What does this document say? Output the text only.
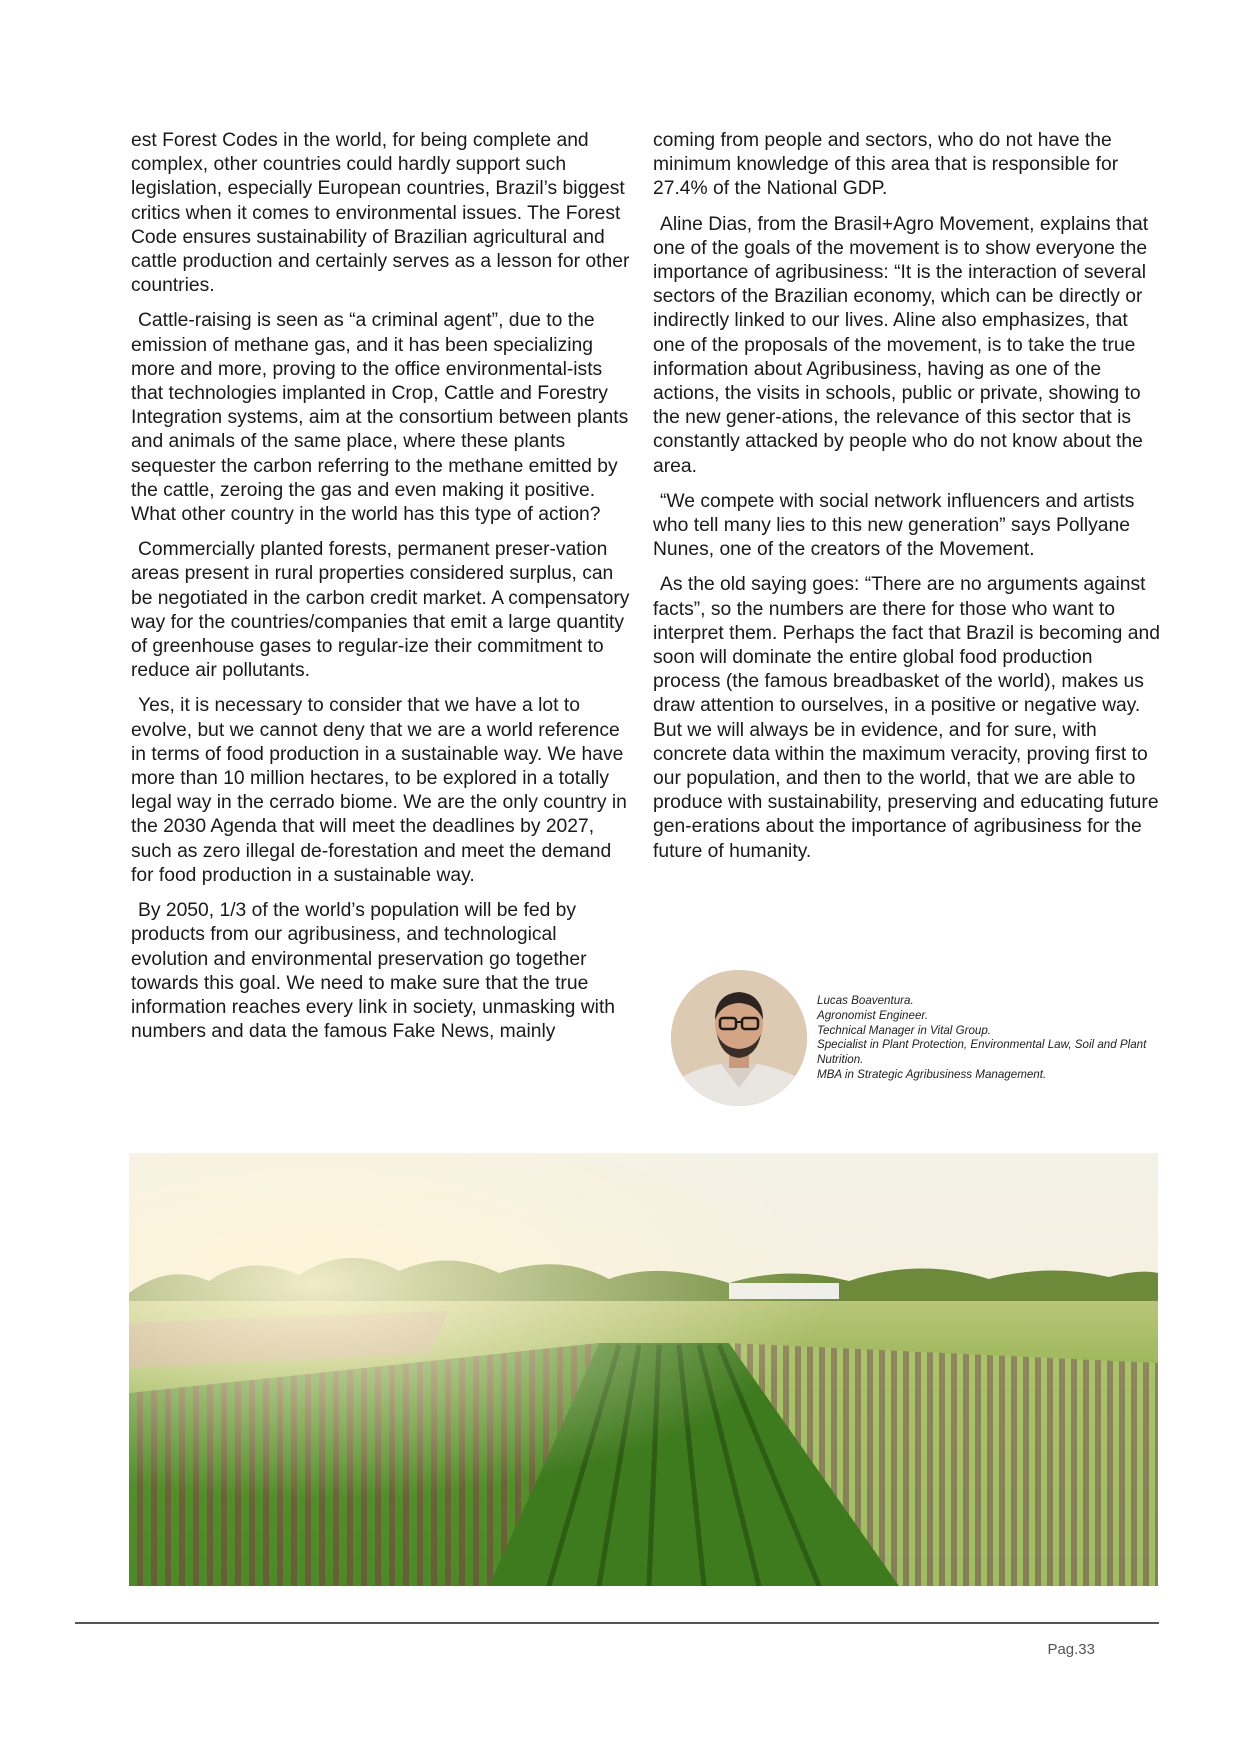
est Forest Codes in the world, for being complete and complex, other countries could hardly support such legislation, especially European countries, Brazil’s biggest critics when it comes to environmental issues. The Forest Code ensures sustainability of Brazilian agricultural and cattle production and certainly serves as a lesson for other countries.

Cattle-raising is seen as “a criminal agent”, due to the emission of methane gas, and it has been specializing more and more, proving to the office environmental-ists that technologies implanted in Crop, Cattle and Forestry Integration systems, aim at the consortium between plants and animals of the same place, where these plants sequester the carbon referring to the methane emitted by the cattle, zeroing the gas and even making it positive. What other country in the world has this type of action?

Commercially planted forests, permanent preser-vation areas present in rural properties considered surplus, can be negotiated in the carbon credit market. A compensatory way for the countries/companies that emit a large quantity of greenhouse gases to regular-ize their commitment to reduce air pollutants.

Yes, it is necessary to consider that we have a lot to evolve, but we cannot deny that we are a world reference in terms of food production in a sustainable way. We have more than 10 million hectares, to be explored in a totally legal way in the cerrado biome. We are the only country in the 2030 Agenda that will meet the deadlines by 2027, such as zero illegal de-forestation and meet the demand for food production in a sustainable way.

By 2050, 1/3 of the world’s population will be fed by products from our agribusiness, and technological evolution and environmental preservation go together towards this goal. We need to make sure that the true information reaches every link in society, unmasking with numbers and data the famous Fake News, mainly

coming from people and sectors, who do not have the minimum knowledge of this area that is responsible for 27.4% of the National GDP.

Aline Dias, from the Brasil+Agro Movement, explains that one of the goals of the movement is to show everyone the importance of agribusiness: “It is the interaction of several sectors of the Brazilian economy, which can be directly or indirectly linked to our lives. Aline also emphasizes, that one of the proposals of the movement, is to take the true information about Agribusiness, having as one of the actions, the visits in schools, public or private, showing to the new gener-ations, the relevance of this sector that is constantly attacked by people who do not know about the area.

“We compete with social network influencers and artists who tell many lies to this new generation” says Pollyane Nunes, one of the creators of the Movement.

As the old saying goes: “There are no arguments against facts”, so the numbers are there for those who want to interpret them. Perhaps the fact that Brazil is becoming and soon will dominate the entire global food production process (the famous breadbasket of the world), makes us draw attention to ourselves, in a positive or negative way. But we will always be in evidence, and for sure, with concrete data within the maximum veracity, proving first to our population, and then to the world, that we are able to produce with sustainability, preserving and educating future gen-erations about the importance of agribusiness for the future of humanity.

Lucas Boaventura.
Agronomist Engineer.
Technical Manager in Vital Group.
Specialist in Plant Protection, Environmental Law, Soil and Plant Nutrition.
MBA in Strategic Agribusiness Management.
Pag.33
